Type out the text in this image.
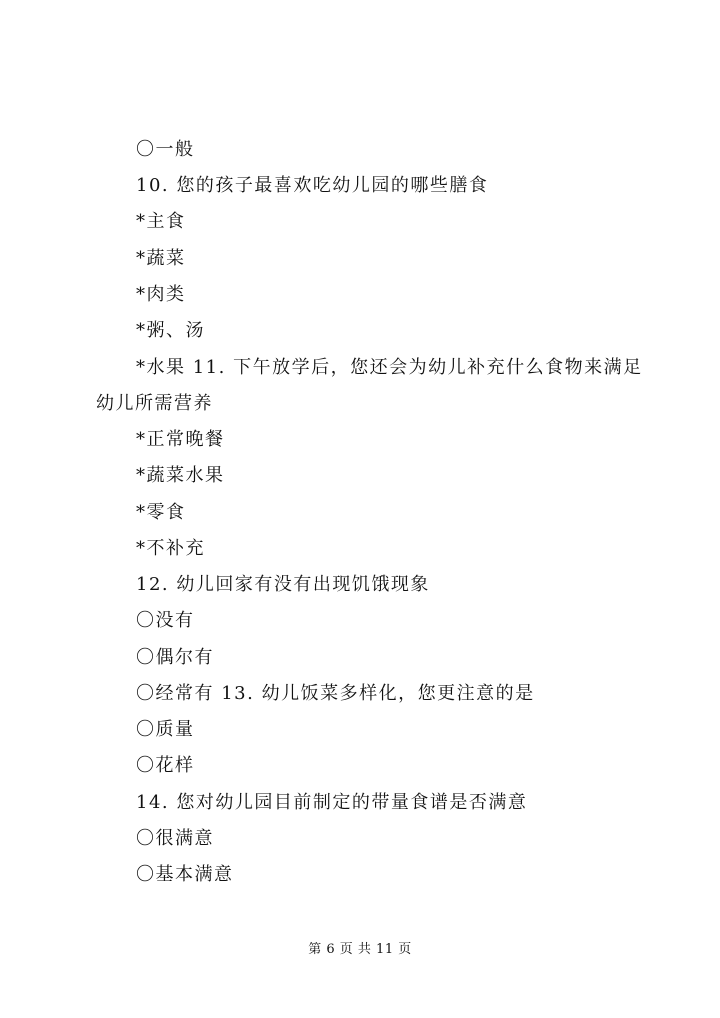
〇一般
10. 您的孩子最喜欢吃幼儿园的哪些膳食
*主食
*蔬菜
*肉类
*粥、汤
*水果 11. 下午放学后，您还会为幼儿补充什么食物来满足
幼儿所需营养
*正常晚餐
*蔬菜水果
*零食
*不补充
12. 幼儿回家有没有出现饥饿现象
〇没有
〇偶尔有
〇经常有 13. 幼儿饭菜多样化，您更注意的是
〇质量
〇花样
14. 您对幼儿园目前制定的带量食谱是否满意
〇很满意
〇基本满意
第 6 页 共 11 页
